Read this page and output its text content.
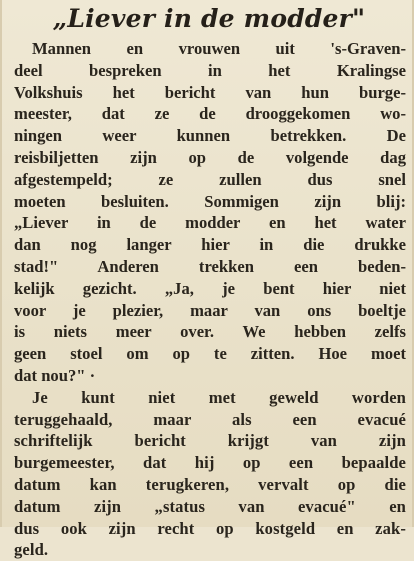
„Liever in de modder"
Mannen en vrouwen uit 's-Graven-
deel bespreken in het Kralingse
Volkshuis het bericht van hun burge-
meester, dat ze de drooggekomen wo-
ningen weer kunnen betrekken. De
reisbiljetten zijn op de volgende dag
afgestempeld; ze zullen dus snel
moeten besluiten. Sommigen zijn blij:
„Liever in de modder en het water
dan nog langer hier in die drukke
stad!" Anderen trekken een beden-
kelijk gezicht. „Ja, je bent hier niet
voor je plezier, maar van ons boeltje
is niets meer over. We hebben zelfs
geen stoel om op te zitten. Hoe moet
dat nou?" ·
Je kunt niet met geweld worden
teruggehaald, maar als een evacué
schriftelijk bericht krijgt van zijn
burgemeester, dat hij op een bepaalde
datum kan terugkeren, vervalt op die
datum zijn „status van evacué" en
dus ook zijn recht op kostgeld en zak-
geld.
